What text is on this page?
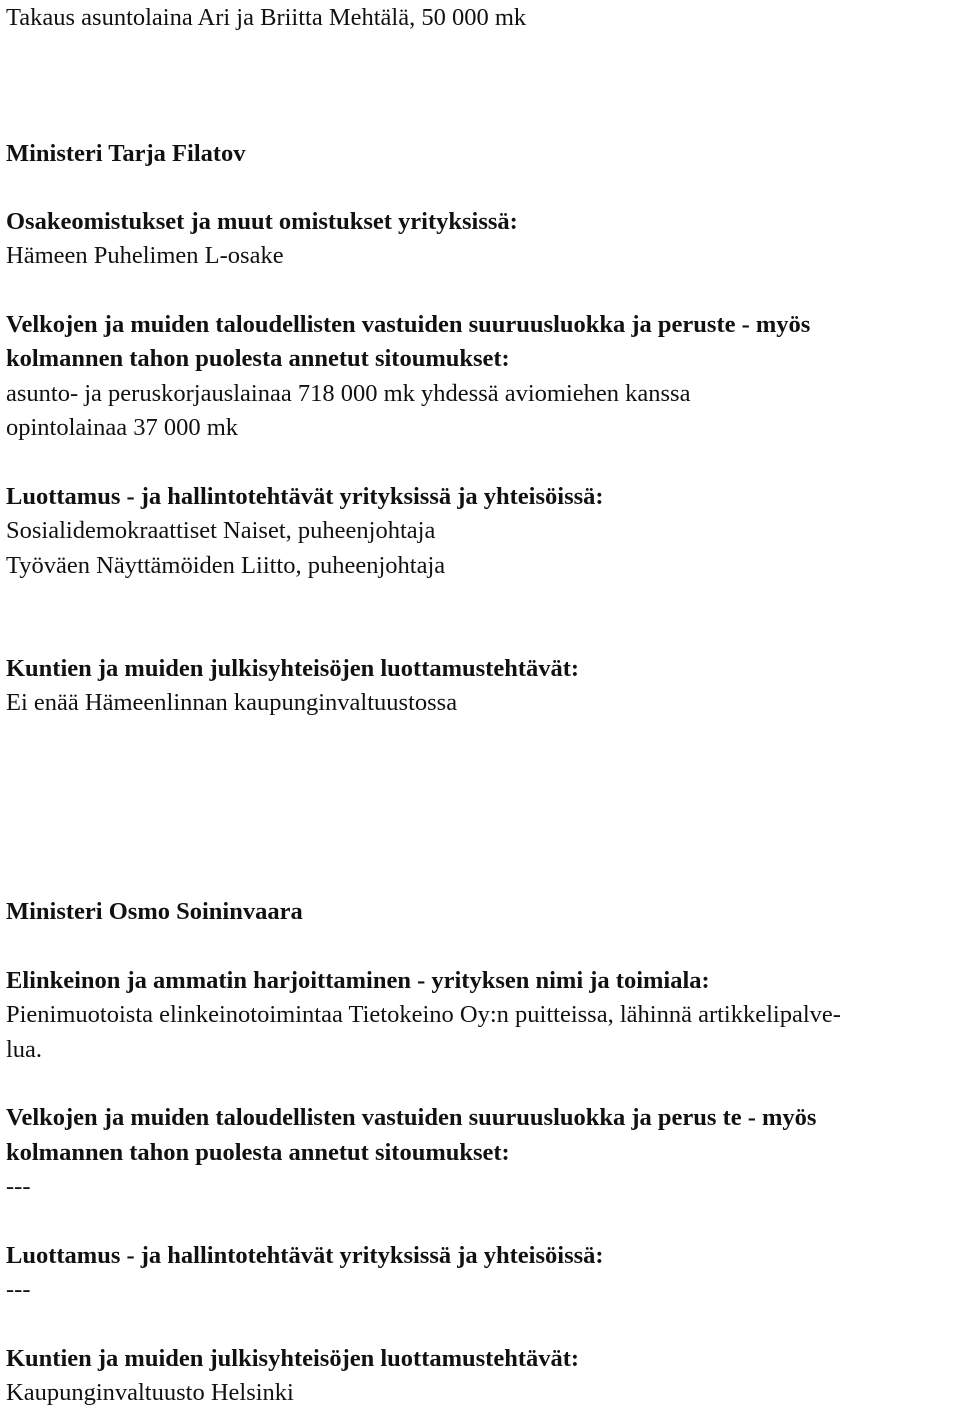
Takaus asuntolaina Ari ja Briitta Mehtälä, 50 000 mk
Ministeri Tarja Filatov
Osakeomistukset ja muut omistukset yrityksissä:
Hämeen Puhelimen L-osake
Velkojen ja muiden taloudellisten vastuiden suuruusluokka ja peruste - myös
kolmannen tahon puolesta annetut sitoumukset:
asunto- ja peruskorjauslainaa 718 000 mk yhdessä aviomiehen kanssa
opintolainaa 37 000 mk
Luottamus - ja hallintotehtävät yrityksissä ja yhteisöissä:
Sosialidemokraattiset Naiset, puheenjohtaja
Työväen Näyttämöiden Liitto, puheenjohtaja
Kuntien ja muiden julkisyhteisöjen luottamustehtävät:
Ei enää Hämeenlinnan kaupunginvaltuustossa
Ministeri Osmo Soininvaara
Elinkeinon ja ammatin harjoittaminen - yrityksen nimi ja toimiala:
Pienimuotoista elinkeinotoimintaa Tietokeino Oy:n puitteissa, lähinnä artikkelipalve-
lua.
Velkojen ja muiden taloudellisten vastuiden suuruusluokka ja perus te - myös
kolmannen tahon puolesta annetut sitoumukset:
---
Luottamus - ja hallintotehtävät yrityksissä ja yhteisöissä:
---
Kuntien ja muiden julkisyhteisöjen luottamustehtävät:
Kaupunginvaltuusto Helsinki
